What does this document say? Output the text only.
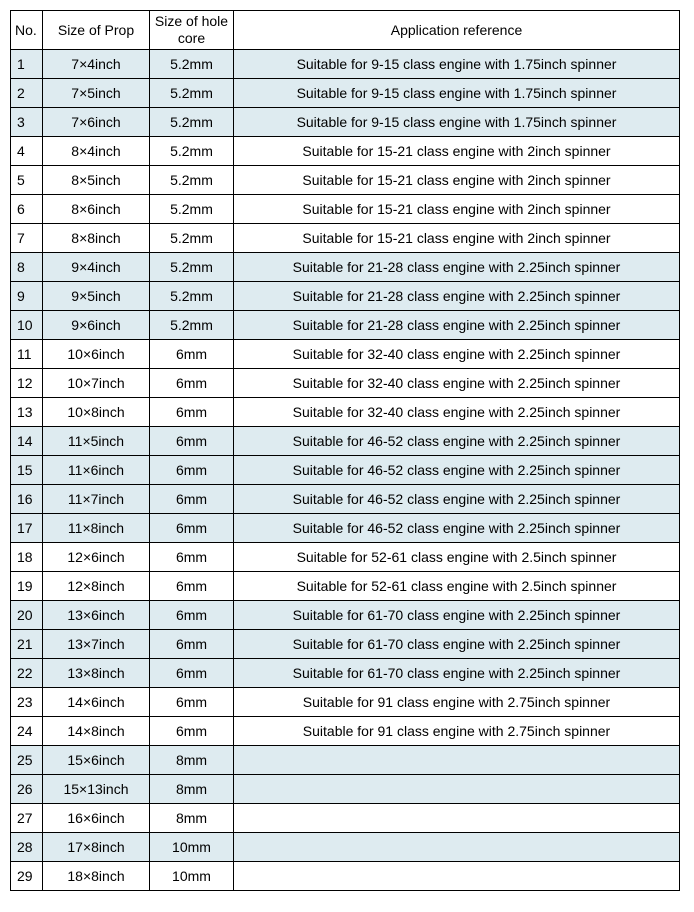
No.	Size of Prop	Size of hole core	Application reference
1	7×4inch	5.2mm	Suitable for 9-15 class engine with 1.75inch spinner
2	7×5inch	5.2mm	Suitable for 9-15 class engine with 1.75inch spinner
3	7×6inch	5.2mm	Suitable for 9-15 class engine with 1.75inch spinner
4	8×4inch	5.2mm	Suitable for 15-21 class engine with 2inch spinner
5	8×5inch	5.2mm	Suitable for 15-21 class engine with 2inch spinner
6	8×6inch	5.2mm	Suitable for 15-21 class engine with 2inch spinner
7	8×8inch	5.2mm	Suitable for 15-21 class engine with 2inch spinner
8	9×4inch	5.2mm	Suitable for 21-28 class engine with 2.25inch spinner
9	9×5inch	5.2mm	Suitable for 21-28 class engine with 2.25inch spinner
10	9×6inch	5.2mm	Suitable for 21-28 class engine with 2.25inch spinner
11	10×6inch	6mm	Suitable for 32-40 class engine with 2.25inch spinner
12	10×7inch	6mm	Suitable for 32-40 class engine with 2.25inch spinner
13	10×8inch	6mm	Suitable for 32-40 class engine with 2.25inch spinner
14	11×5inch	6mm	Suitable for 46-52 class engine with 2.25inch spinner
15	11×6inch	6mm	Suitable for 46-52 class engine with 2.25inch spinner
16	11×7inch	6mm	Suitable for 46-52 class engine with 2.25inch spinner
17	11×8inch	6mm	Suitable for 46-52 class engine with 2.25inch spinner
18	12×6inch	6mm	Suitable for 52-61 class engine with 2.5inch spinner
19	12×8inch	6mm	Suitable for 52-61 class engine with 2.5inch spinner
20	13×6inch	6mm	Suitable for 61-70 class engine with 2.25inch spinner
21	13×7inch	6mm	Suitable for 61-70 class engine with 2.25inch spinner
22	13×8inch	6mm	Suitable for 61-70 class engine with 2.25inch spinner
23	14×6inch	6mm	Suitable for 91 class engine with 2.75inch spinner
24	14×8inch	6mm	Suitable for 91 class engine with 2.75inch spinner
25	15×6inch	8mm	
26	15×13inch	8mm	
27	16×6inch	8mm	
28	17×8inch	10mm	
29	18×8inch	10mm	
